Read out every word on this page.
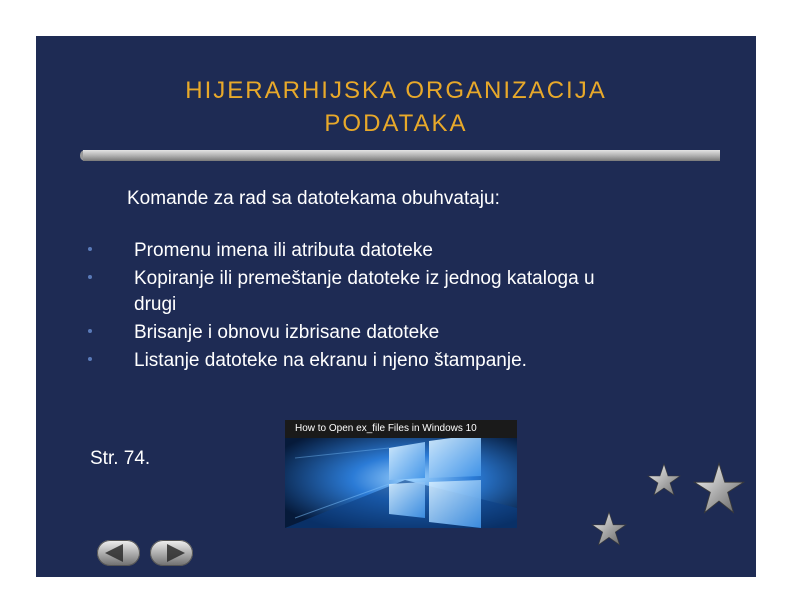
HIJERARHIJSKA ORGANIZACIJA
PODATAKA
Komande za rad sa datotekama obuhvataju:
Promenu imena ili atributa datoteke
Kopiranje ili premeštanje datoteke iz jednog kataloga u drugi
Brisanje i obnovu izbrisane datoteke
Listanje datoteke na ekranu i njeno štampanje.
Str. 74.
How to Open ex_file Files in Windows 10
